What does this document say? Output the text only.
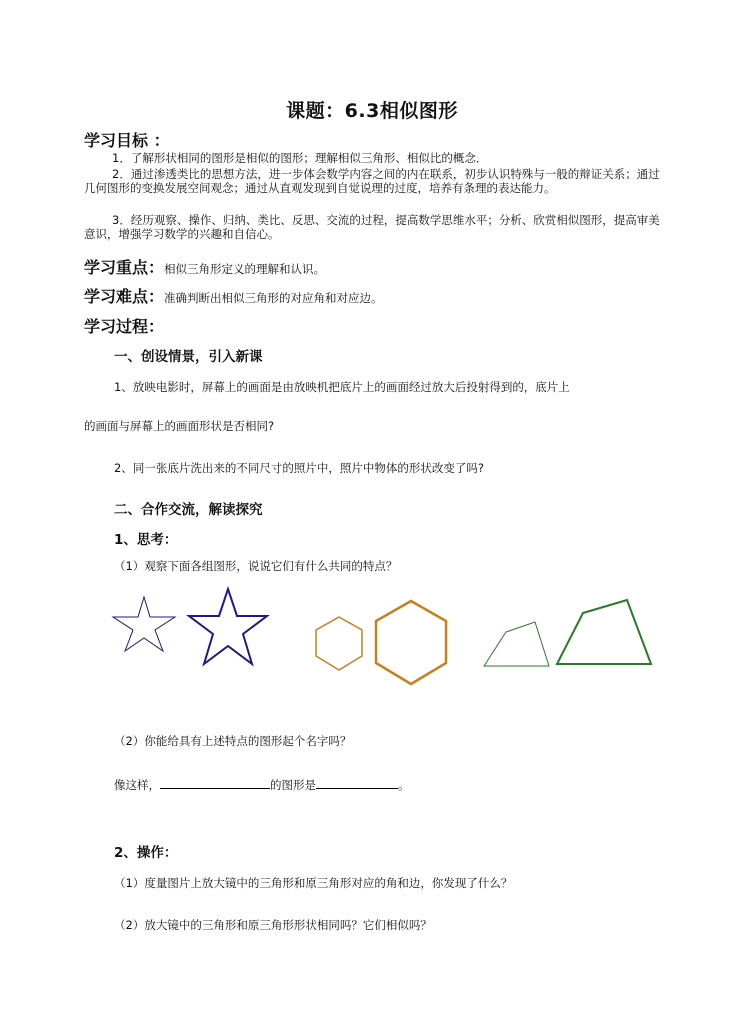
课题：6.3相似图形
学习目标 ：
1．了解形状相同的图形是相似的图形；理解相似三角形、相似比的概念．
2．通过渗透类比的思想方法，进一步体会数学内容之间的内在联系，初步认识特殊与一般的辩证关系；通过几何图形的变换发展空间观念；通过从直观发现到自觉说理的过度，培养有条理的表达能力。
3．经历观察、操作、归纳、类比、反思、交流的过程，提高数学思维水平；分析、欣赏相似图形，提高审美意识，增强学习数学的兴趣和自信心。
学习重点：相似三角形定义的理解和认识。
学习难点：准确判断出相似三角形的对应角和对应边。
学习过程：
一、创设情景，引入新课
1、放映电影时，屏幕上的画面是由放映机把底片上的画面经过放大后投射得到的，底片上
的画面与屏幕上的画面形状是否相同?
2、同一张底片洗出来的不同尺寸的照片中，照片中物体的形状改变了吗?
二、合作交流，解读探究
1、思考：
（1）观察下面各组图形，说说它们有什么共同的特点？
（2）你能给具有上述特点的图形起个名字吗？
像这样，	的图形是	。
2、操作：
（1）度量图片上放大镜中的三角形和原三角形对应的角和边，你发现了什么？
（2）放大镜中的三角形和原三角形形状相同吗？它们相似吗？
